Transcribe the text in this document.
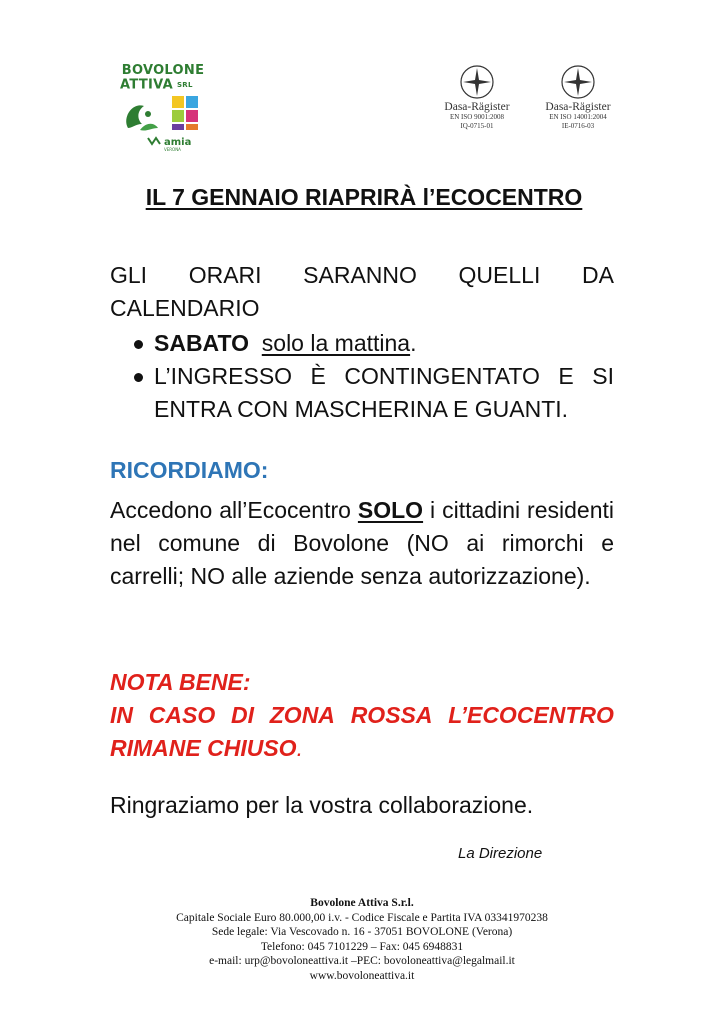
BOVOLONE
ATTIVA SRL
amia
VERONA
Dasa-Rägister
EN ISO 9001:2008
IQ-0715-01
Dasa-Rägister
EN ISO 14001:2004
IE-0716-03
IL 7 GENNAIO RIAPRIRÀ l’ECOCENTRO
GLI ORARI SARANNO QUELLI DA
CALENDARIO
SABATO solo la mattina.
L’INGRESSO È CONTINGENTATO E SI ENTRA CON MASCHERINA E GUANTI.
RICORDIAMO:
Accedono all’Ecocentro SOLO i cittadini residenti nel comune di Bovolone (NO ai rimorchi e carrelli; NO alle aziende senza autorizzazione).
NOTA BENE:
IN CASO DI ZONA ROSSA L’ECOCENTRO
RIMANE CHIUSO.
Ringraziamo per la vostra collaborazione.
La Direzione
Bovolone Attiva S.r.l.
Capitale Sociale Euro 80.000,00 i.v. - Codice Fiscale e Partita IVA 03341970238
Sede legale: Via Vescovado n. 16 - 37051 BOVOLONE (Verona)
Telefono: 045 7101229 – Fax: 045 6948831
e-mail: urp@bovoloneattiva.it –PEC: bovoloneattiva@legalmail.it
www.bovoloneattiva.it
